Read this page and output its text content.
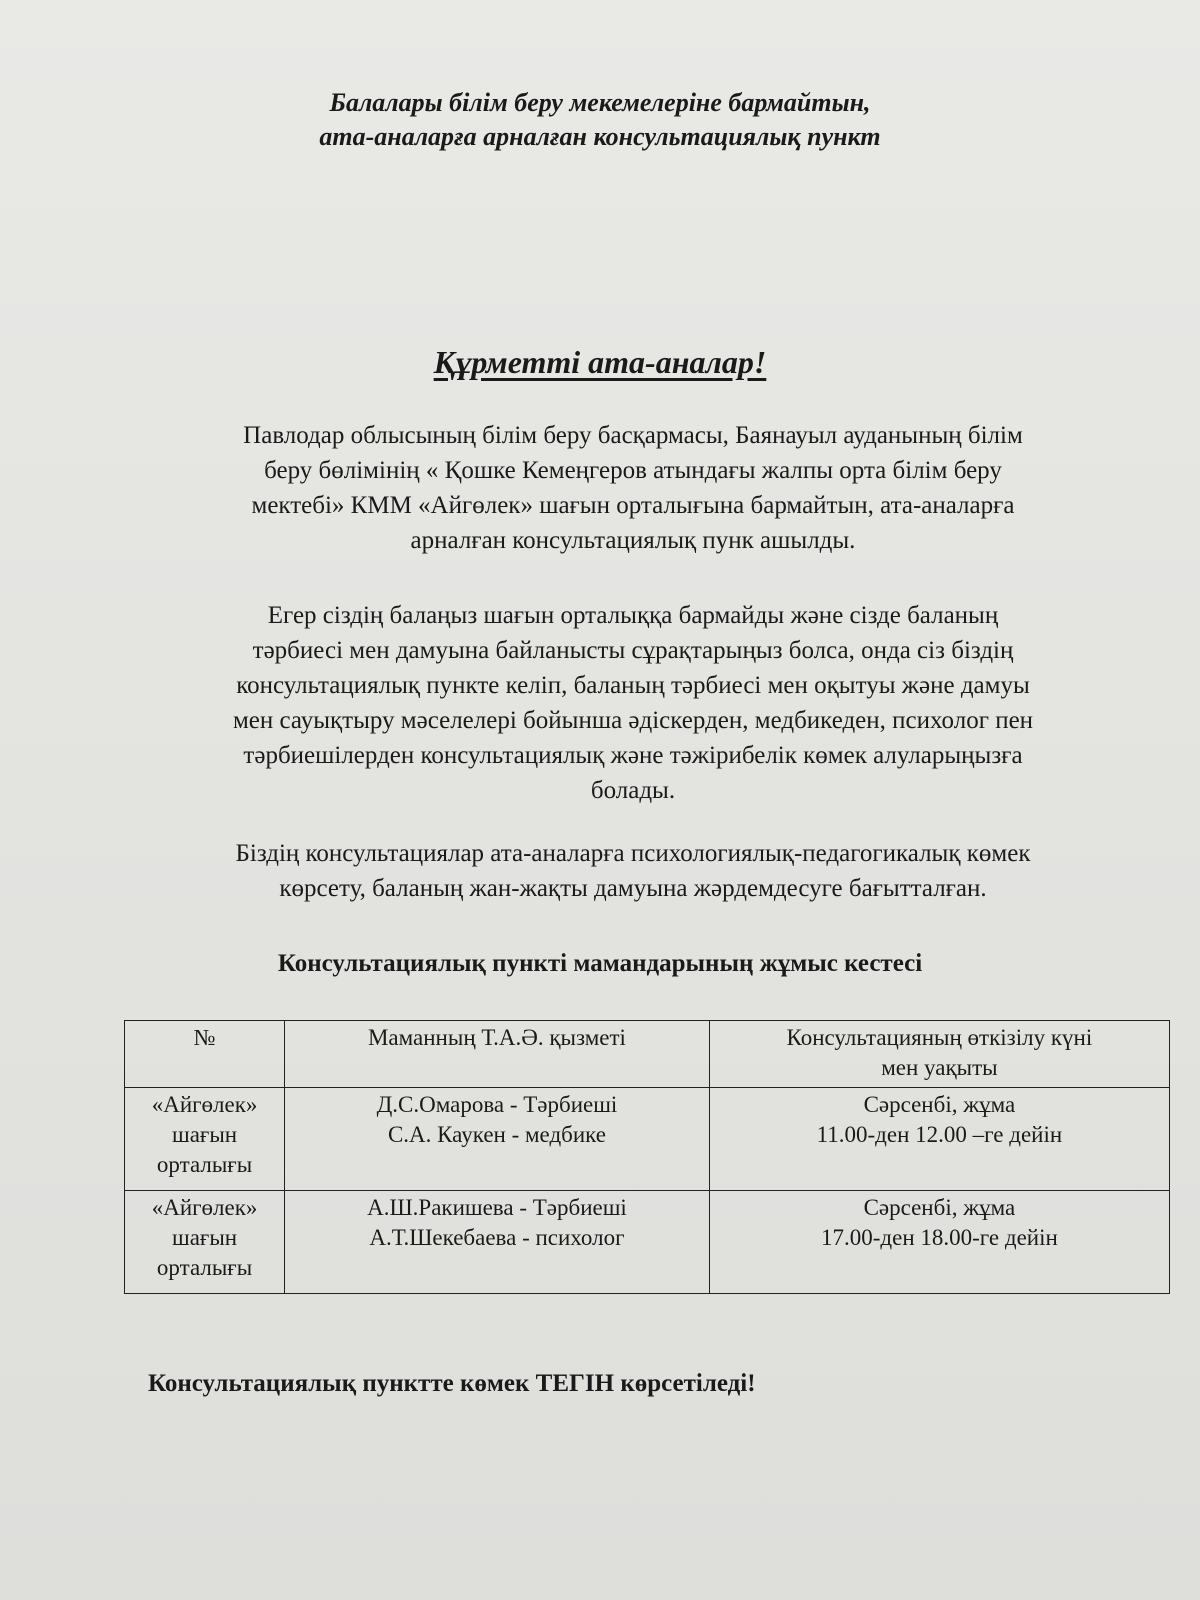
Балалары білім беру мекемелеріне бармайтын,
ата-аналарға арналған консультациялық пункт
Құрметті ата-аналар!
Павлодар облысының білім беру басқармасы, Баянауыл ауданының білім
беру бөлімінің « Қошке Кемеңгеров атындағы жалпы орта білім беру
мектебі» КММ «Айгөлек» шағын орталығына бармайтын, ата-аналарға
арналған консультациялық пунк ашылды.
Егер сіздің балаңыз шағын орталыққа бармайды және сізде баланың
тәрбиесі мен дамуына байланысты сұрақтарыңыз болса, онда сіз біздің
консультациялық пункте келіп, баланың тәрбиесі мен оқытуы және дамуы
мен сауықтыру мәселелері бойынша әдіскерден, медбикеден, психолог пен
тәрбиешілерден консультациялық және тәжірибелік көмек алуларыңызға
болады.
Біздің консультациялар ата-аналарға психологиялық-педагогикалық көмек
көрсету, баланың жан-жақты дамуына жәрдемдесуге бағытталған.
Консультациялық пункті мамандарының жұмыс кестесі
№	Маманның Т.А.Ә. қызметі	Консультацияның өткізілу күні
мен уақыты

«Айгөлек»
шағын
орталығы	Д.С.Омарова - Тәрбиеші
С.А. Каукен - медбике	Сәрсенбі, жұма
11.00-ден 12.00 –ге дейін

«Айгөлек»
шағын
орталығы	А.Ш.Ракишева - Тәрбиеші
А.Т.Шекебаева - психолог	Сәрсенбі, жұма
17.00-ден 18.00-ге дейін
Консультациялық пунктте көмек ТЕГІН көрсетіледі!
